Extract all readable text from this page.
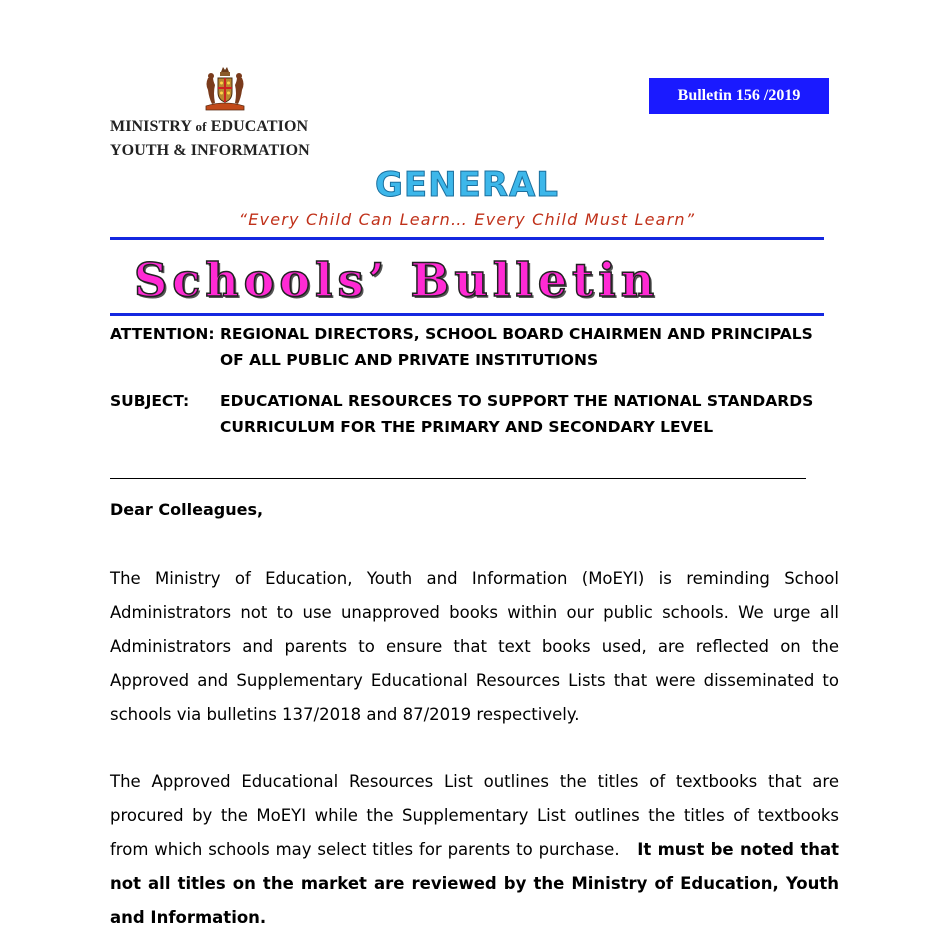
MINISTRY of EDUCATION
YOUTH & INFORMATION
Bulletin 156 /2019
GENERAL
“Every Child Can Learn… Every Child Must Learn”
Schools’ Bulletin
ATTENTION: REGIONAL DIRECTORS, SCHOOL BOARD CHAIRMEN AND PRINCIPALS OF ALL PUBLIC AND PRIVATE INSTITUTIONS
SUBJECT:	EDUCATIONAL RESOURCES TO SUPPORT THE NATIONAL STANDARDS CURRICULUM FOR THE PRIMARY AND SECONDARY LEVEL
Dear Colleagues,
The Ministry of Education, Youth and Information (MoEYI) is reminding School Administrators not to use unapproved books within our public schools. We urge all Administrators and parents to ensure that text books used, are reflected on the Approved and Supplementary Educational Resources Lists that were disseminated to schools via bulletins 137/2018 and 87/2019 respectively.
The Approved Educational Resources List outlines the titles of textbooks that are procured by the MoEYI while the Supplementary List outlines the titles of textbooks from which schools may select titles for parents to purchase. It must be noted that not all titles on the market are reviewed by the Ministry of Education, Youth and Information.
